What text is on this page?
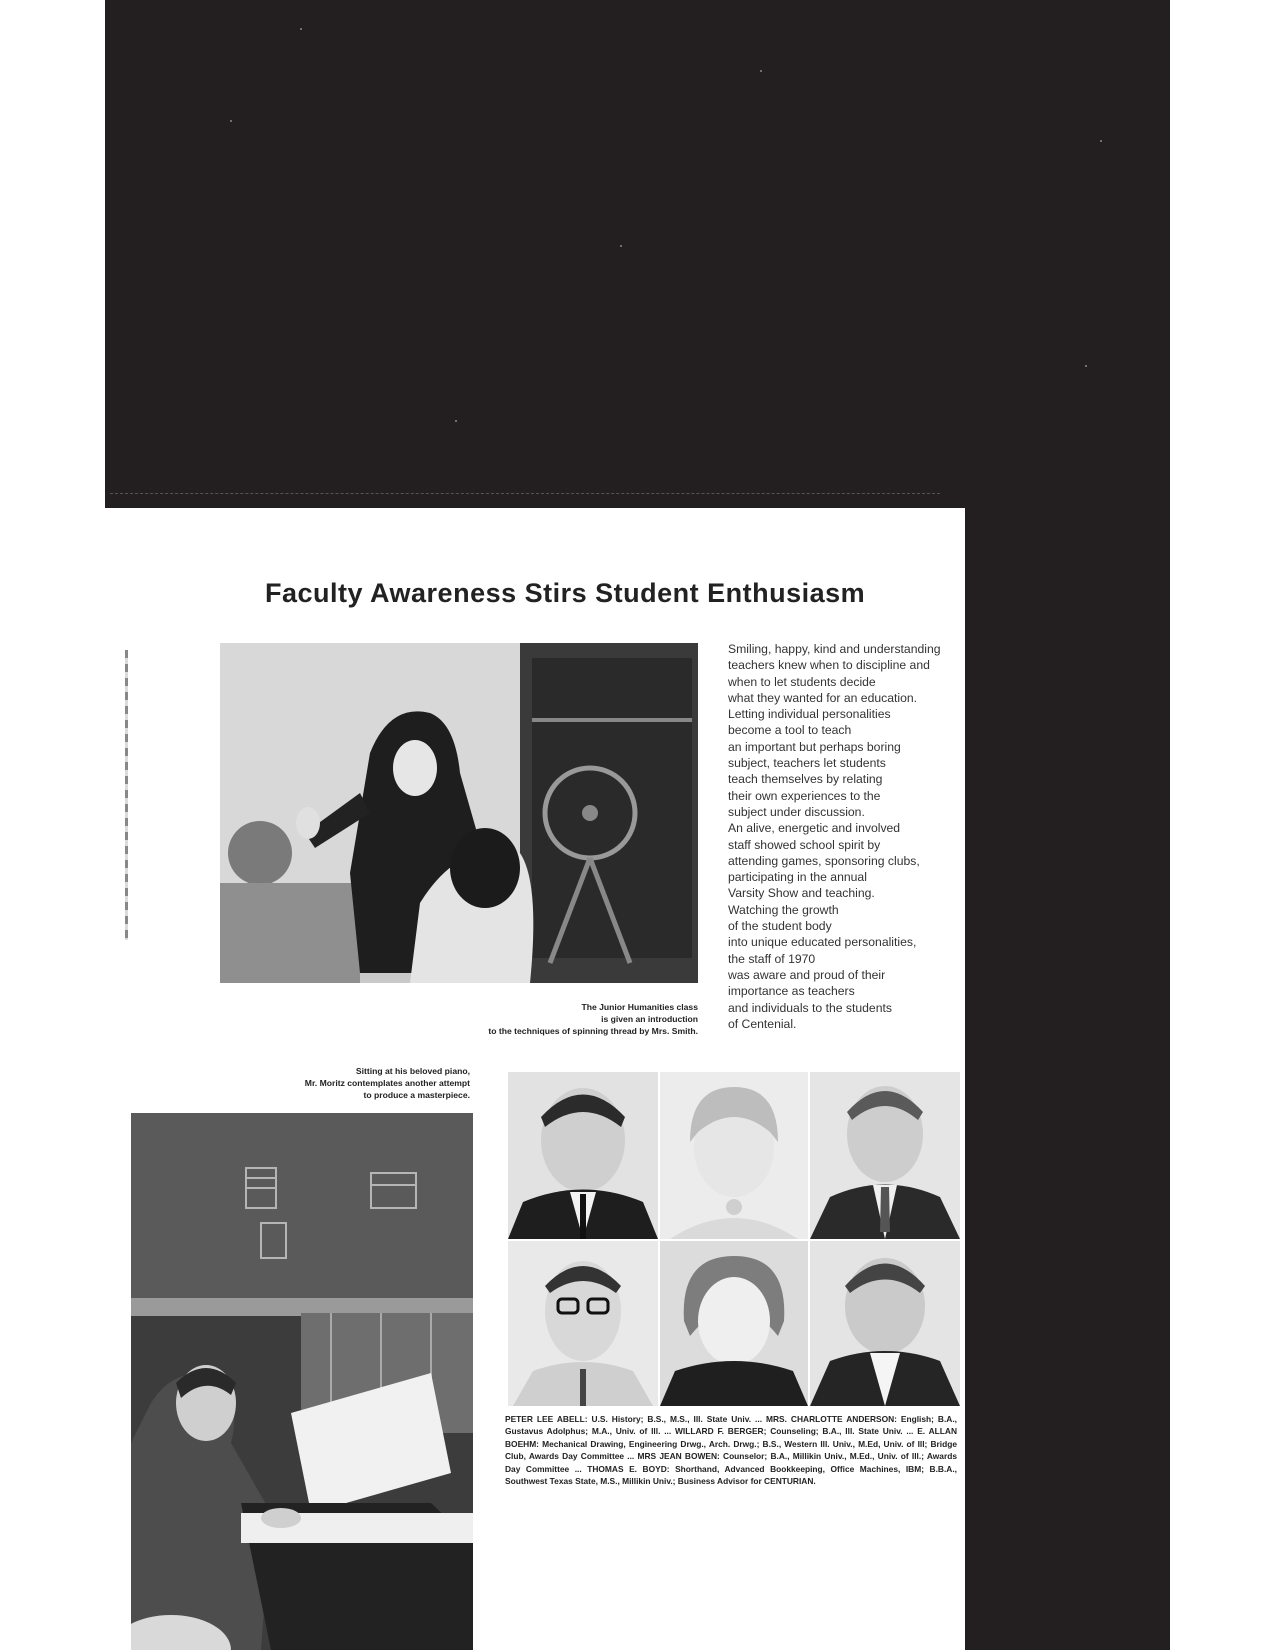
Faculty Awareness Stirs Student Enthusiasm
The Junior Humanities class
is given an introduction
to the techniques of spinning thread by Mrs. Smith.
Smiling, happy, kind and understanding
teachers knew when to discipline and
when to let students decide
what they wanted for an education.
Letting individual personalities
become a tool to teach
an important but perhaps boring
subject, teachers let students
teach themselves by relating
their own experiences to the
subject under discussion.
An alive, energetic and involved
staff showed school spirit by
attending games, sponsoring clubs,
participating in the annual
Varsity Show and teaching.
Watching the growth
of the student body
into unique educated personalities,
the staff of 1970
was aware and proud of their
importance as teachers
and individuals to the students
of Centenial.
Sitting at his beloved piano,
Mr. Moritz contemplates another attempt
to produce a masterpiece.
PETER LEE ABELL: U.S. History; B.S., M.S., Ill. State Univ. ... MRS. CHARLOTTE ANDERSON: English; B.A., Gustavus Adolphus; M.A., Univ. of Ill. ... WILLARD F. BERGER; Counseling; B.A., Ill. State Univ. ... E. ALLAN BOEHM: Mechanical Drawing, Engineering Drwg., Arch. Drwg.; B.S., Western Ill. Univ., M.Ed, Univ. of Ill; Bridge Club, Awards Day Committee ... MRS JEAN BOWEN: Counselor; B.A., Millikin Univ., M.Ed., Univ. of Ill.; Awards Day Committee ... THOMAS E. BOYD: Shorthand, Advanced Bookkeeping, Office Machines, IBM; B.B.A., Southwest Texas State, M.S., Millikin Univ.; Business Advisor for CENTURIAN.
